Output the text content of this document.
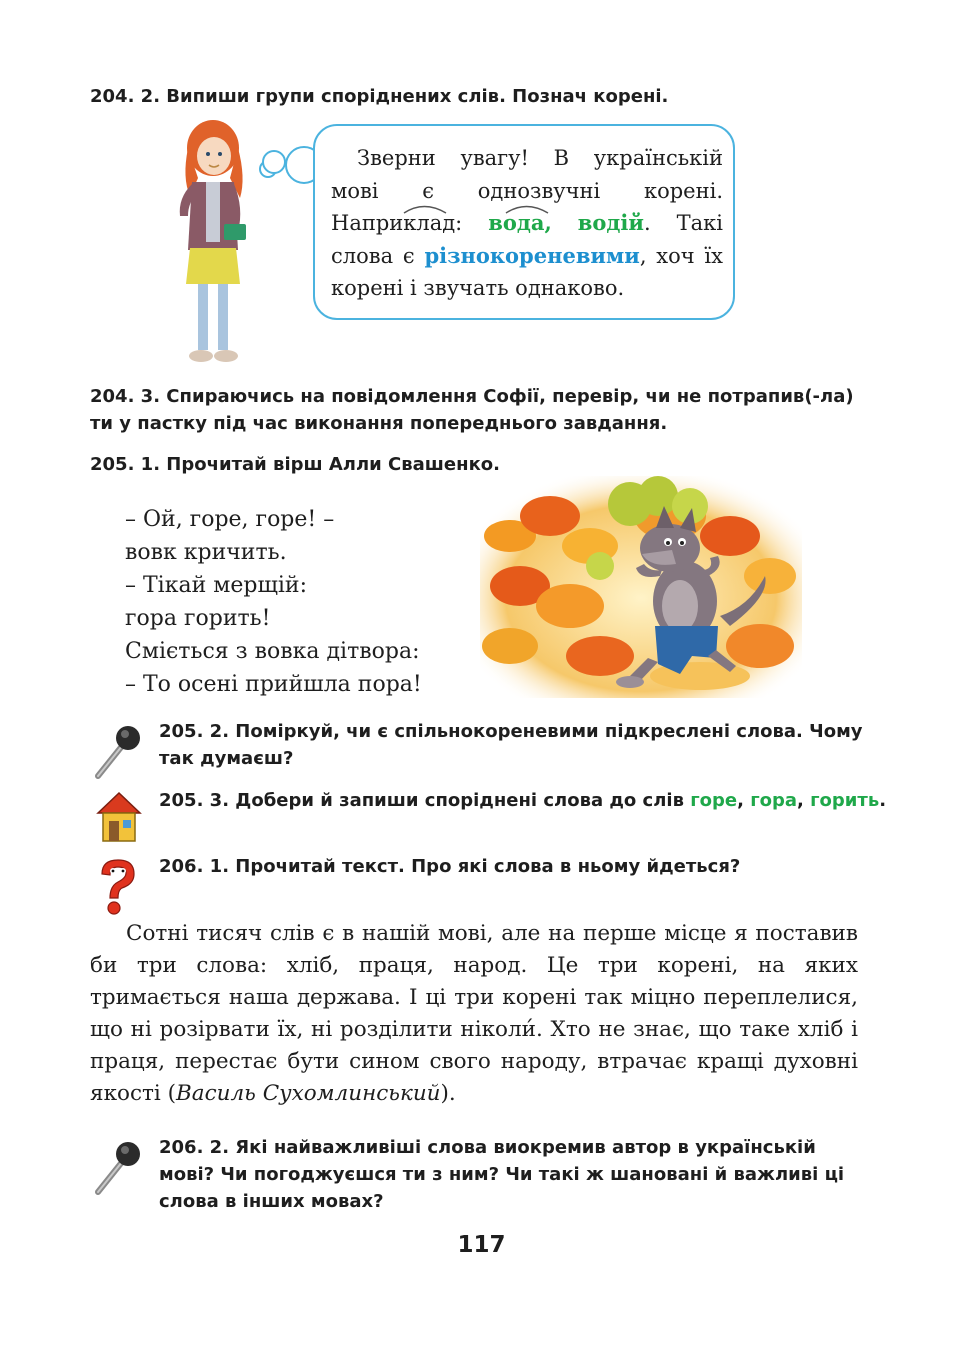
204. 2. Випиши групи споріднених слів. Познач корені.

Зверни увагу! В українській мові є однозвучні корені. Наприклад: вода, водій. Такі слова є різнокореневими, хоч їх корені і звучать однаково.

204. 3. Спираючись на повідомлення Софії, перевір, чи не потрапив(-ла) ти у пастку під час виконання попереднього завдання.
205. 1. Прочитай вірш Алли Свашенко.
– Ой, горе, горе! –
вовк кричить.
– Тікай мерщій:
гора горить!
Сміється з вовка дітвора:
– То осені прийшла пора!
205. 2. Поміркуй, чи є спільнокореневими підкреслені слова. Чому так думаєш?
205. 3. Добери й запиши споріднені слова до слів горе, гора, горить.
206. 1. Прочитай текст. Про які слова в ньому йдеться?

Сотні тисяч слів є в нашій мові, але на перше місце я поставив би три слова: хліб, праця, народ. Це три корені, на яких тримається наша держава. І ці три корені так міцно переплелися, що ні розірвати їх, ні розділити ніколи́. Хто не знає, що таке хліб і праця, перестає бути сином свого народу, втрачає кращі духовні якості (Василь Сухомлинський).

206. 2. Які найважливіші слова виокремив автор в українській мові? Чи погоджуєшся ти з ним? Чи такі ж шановані й важливі ці слова в інших мовах?
117
